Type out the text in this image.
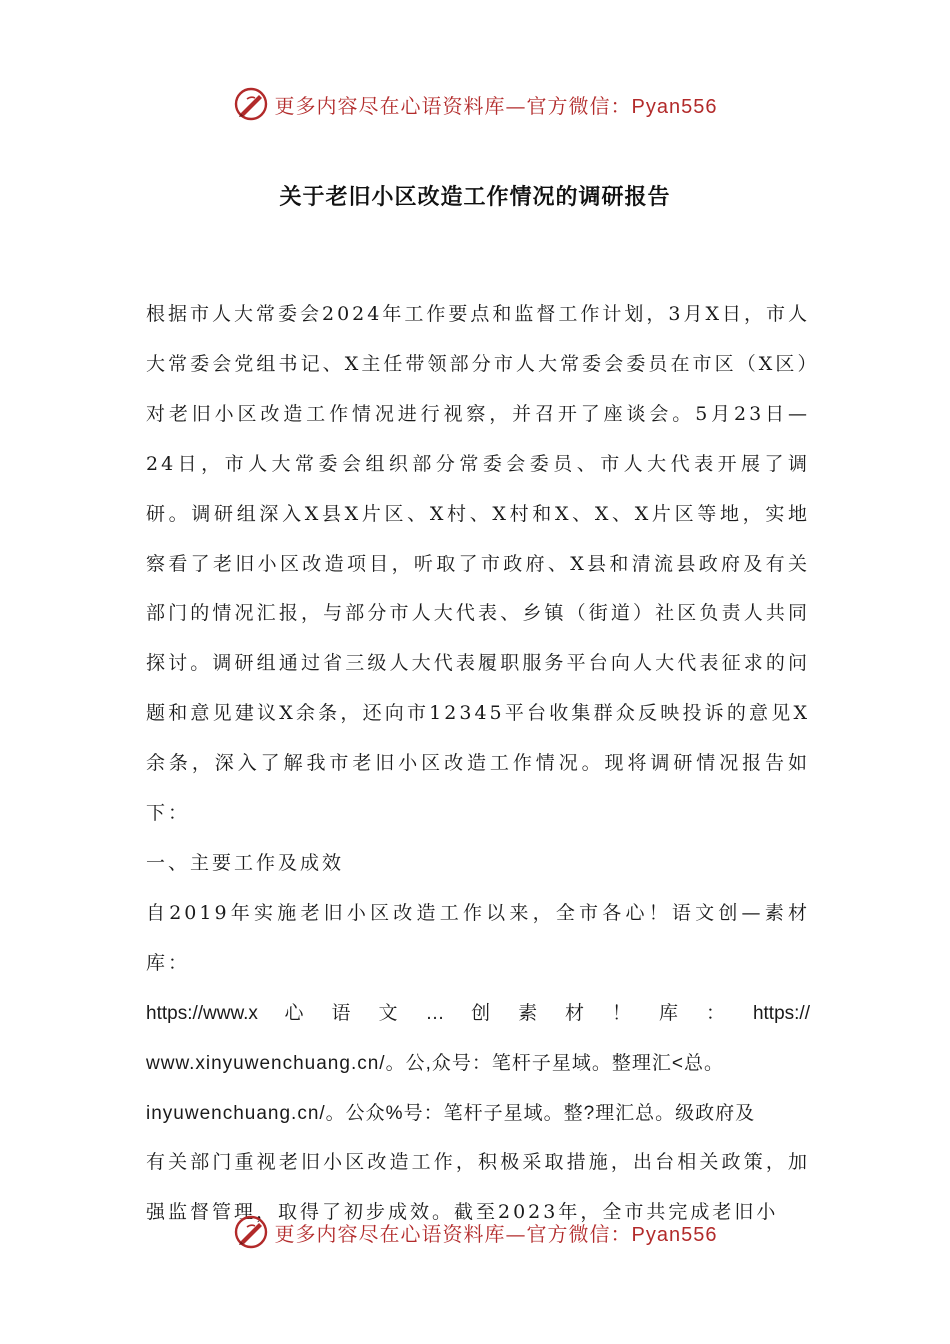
更多内容尽在心语资料库—官方微信：Pyan556
关于老旧小区改造工作情况的调研报告

根据市人大常委会2024年工作要点和监督工作计划，3月X日，市人大常委会党组书记、X主任带领部分市人大常委会委员在市区（X区）对老旧小区改造工作情况进行视察，并召开了座谈会。5月23日—24日，市人大常委会组织部分常委会委员、市人大代表开展了调研。调研组深入X县X片区、X村、X村和X、X、X片区等地，实地察看了老旧小区改造项目，听取了市政府、X县和清流县政府及有关部门的情况汇报，与部分市人大代表、乡镇（街道）社区负责人共同探讨。调研组通过省三级人大代表履职服务平台向人大代表征求的问题和意见建议X余条，还向市12345平台收集群众反映投诉的意见X余条，深入了解我市老旧小区改造工作情况。现将调研情况报告如下：

一、主要工作及成效

自2019年实施老旧小区改造工作以来，全市各心！语文创—素材库：

https://www.x 心 语 文 … 创 素 材 ！ 库 ： https://

www.xinyuwenchuang.cn/。公,众号：笔杆子星域。整理汇<总。

inyuwenchuang.cn/。公众%号：笔杆子星域。整?理汇总。级政府及

有关部门重视老旧小区改造工作，积极采取措施，出台相关政策，加强监督管理，取得了初步成效。截至2023年，全市共完成老旧小

更多内容尽在心语资料库—官方微信：Pyan556
